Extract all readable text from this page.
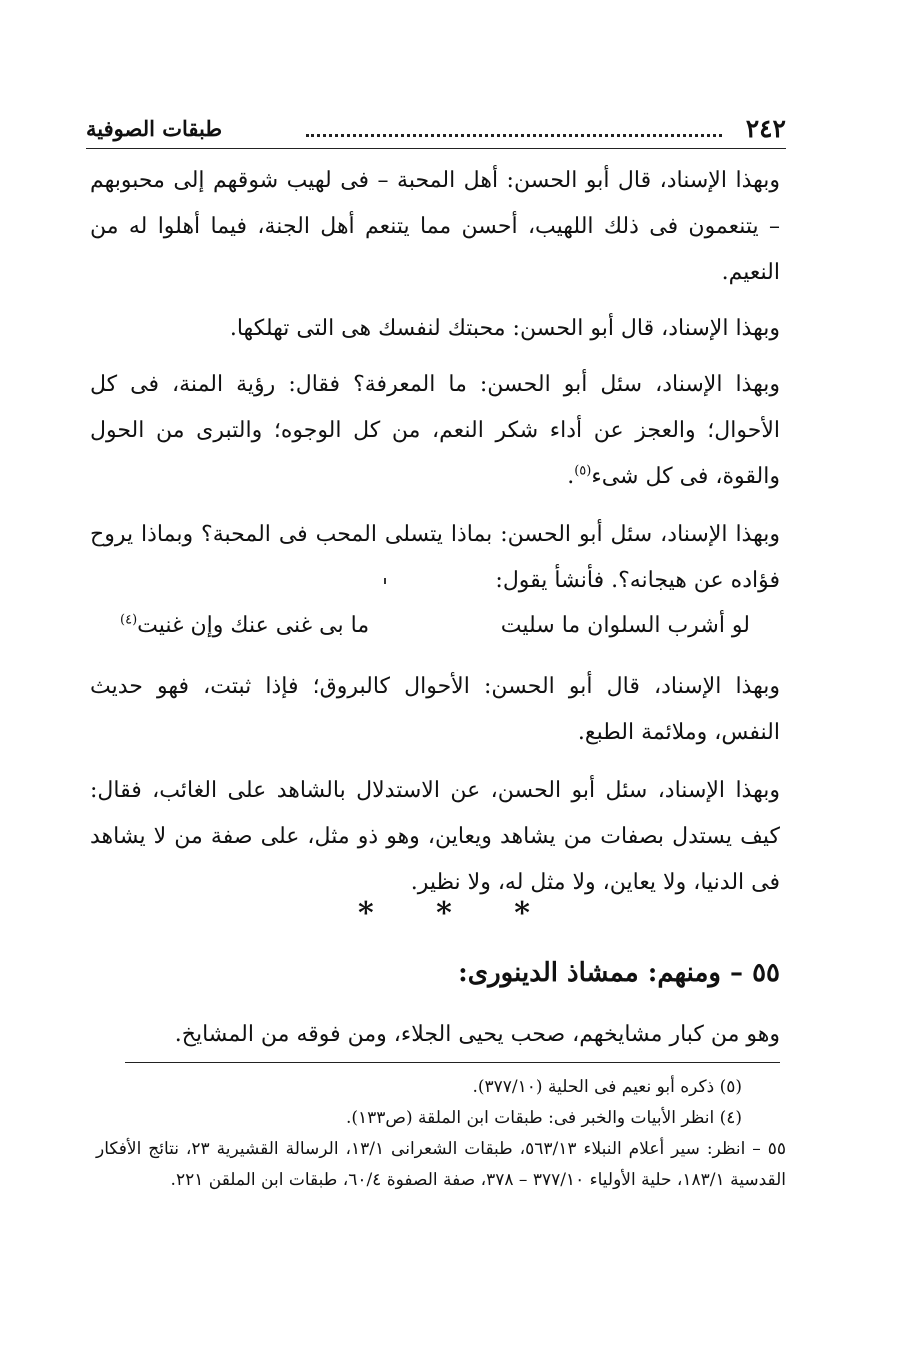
٢٤٢
طبقات الصوفية

وبهذا الإسناد، قال أبو الحسن: أهل المحبة – فى لهيب شوقهم إلى محبوبهم – يتنعمون فى ذلك اللهيب، أحسن مما يتنعم أهل الجنة، فيما أهلوا له من النعيم.

وبهذا الإسناد، قال أبو الحسن: محبتك لنفسك هى التى تهلكها.

وبهذا الإسناد، سئل أبو الحسن: ما المعرفة؟ فقال: رؤية المنة، فى كل الأحوال؛ والعجز عن أداء شكر النعم، من كل الوجوه؛ والتبرى من الحول والقوة، فى كل شىء$^{(٥)}$.

وبهذا الإسناد، سئل أبو الحسن: بماذا يتسلى المحب فى المحبة؟ وبماذا يروح فؤاده عن هيجانه؟. فأنشأ يقول:

لو أشرب السلوان ما سليت
ما بى غنى عنك وإن غنيت$^{(٤)}$

وبهذا الإسناد، قال أبو الحسن: الأحوال كالبروق؛ فإذا ثبتت، فهو حديث النفس، وملائمة الطبع.

وبهذا الإسناد، سئل أبو الحسن، عن الاستدلال بالشاهد على الغائب، فقال: كيف يستدل بصفات من يشاهد ويعاين، وهو ذو مثل، على صفة من لا يشاهد فى الدنيا، ولا يعاين، ولا مثل له، ولا نظير.

* * *
٥٥ – ومنهم: ممشاذ الدينورى:

وهو من كبار مشايخهم، صحب يحيى الجلاء، ومن فوقه من المشايخ.

(٥) ذكره أبو نعيم فى الحلية (٣٧٧/١٠).

(٤) انظر الأبيات والخبر فى: طبقات ابن الملقة (ص١٣٣).

٥٥ – انظر: سير أعلام النبلاء ٥٦٣/١٣، طبقات الشعرانى ١٣/١، الرسالة القشيرية ٢٣، نتائج الأفكار القدسية ١٨٣/١، حلية الأولياء ٣٧٧/١٠ – ٣٧٨، صفة الصفوة ٦٠/٤، طبقات ابن الملقن ٢٢١.
